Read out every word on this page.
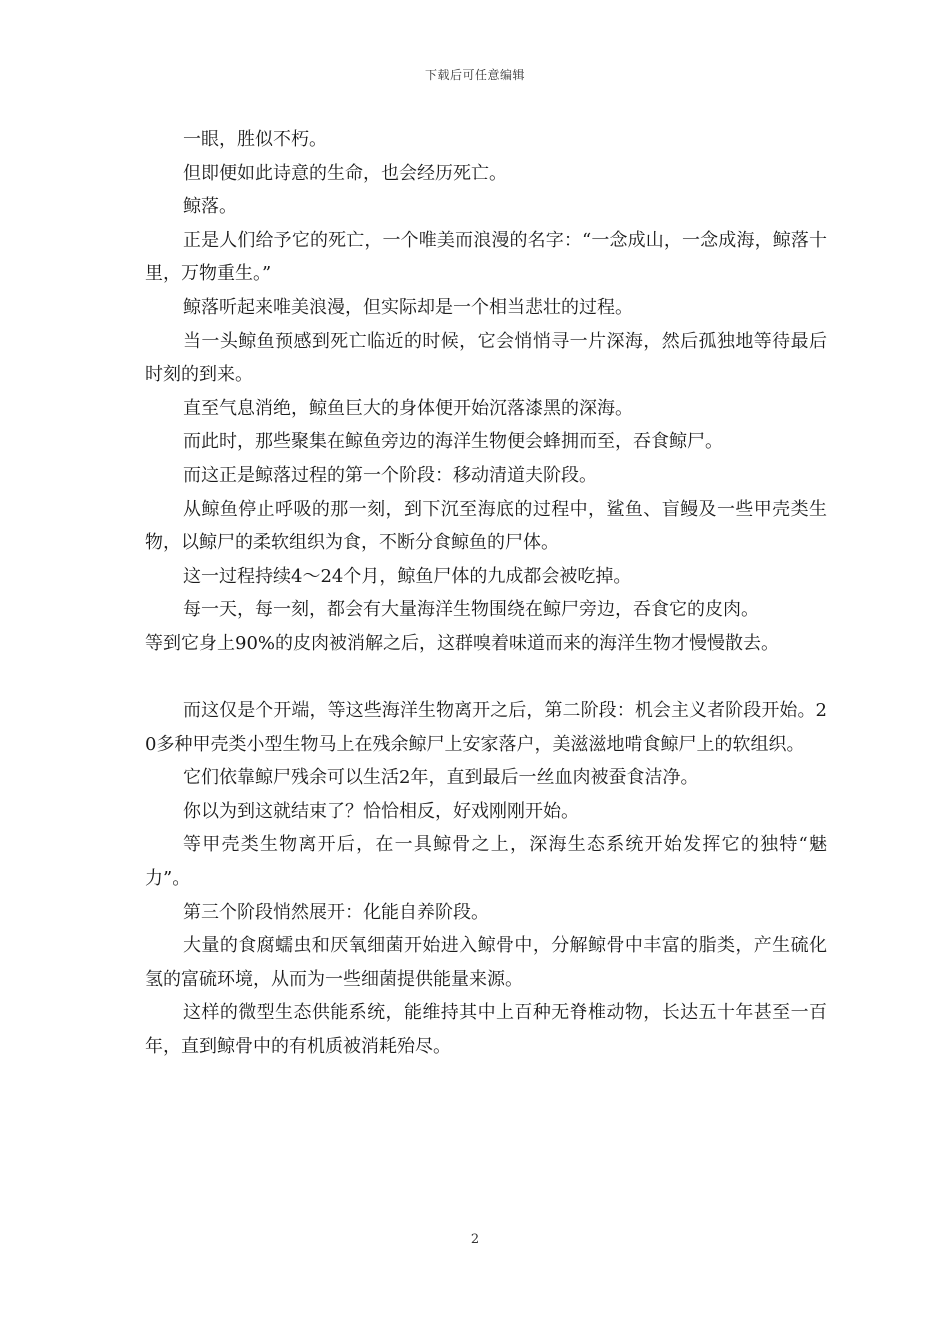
下载后可任意编辑

一眼，胜似不朽。

但即便如此诗意的生命，也会经历死亡。

鲸落。

正是人们给予它的死亡，一个唯美而浪漫的名字：“一念成山，一念成海，鲸落十里，万物重生。”

鲸落听起来唯美浪漫，但实际却是一个相当悲壮的过程。

当一头鲸鱼预感到死亡临近的时候，它会悄悄寻一片深海，然后孤独地等待最后时刻的到来。

直至气息消绝，鲸鱼巨大的身体便开始沉落漆黑的深海。

而此时，那些聚集在鲸鱼旁边的海洋生物便会蜂拥而至，吞食鲸尸。

而这正是鲸落过程的第一个阶段：移动清道夫阶段。

从鲸鱼停止呼吸的那一刻，到下沉至海底的过程中，鲨鱼、盲鳗及一些甲壳类生物，以鲸尸的柔软组织为食，不断分食鲸鱼的尸体。

这一过程持续4～24个月，鲸鱼尸体的九成都会被吃掉。

每一天，每一刻，都会有大量海洋生物围绕在鲸尸旁边，吞食它的皮肉。

等到它身上90%的皮肉被消解之后，这群嗅着味道而来的海洋生物才慢慢散去。

而这仅是个开端，等这些海洋生物离开之后，第二阶段：机会主义者阶段开始。20多种甲壳类小型生物马上在残余鲸尸上安家落户，美滋滋地啃食鲸尸上的软组织。

它们依靠鲸尸残余可以生活2年，直到最后一丝血肉被蚕食洁净。

你以为到这就结束了？恰恰相反，好戏刚刚开始。

等甲壳类生物离开后，在一具鲸骨之上，深海生态系统开始发挥它的独特“魅力”。

第三个阶段悄然展开：化能自养阶段。

大量的食腐蠕虫和厌氧细菌开始进入鲸骨中，分解鲸骨中丰富的脂类，产生硫化氢的富硫环境，从而为一些细菌提供能量来源。

这样的微型生态供能系统，能维持其中上百种无脊椎动物，长达五十年甚至一百年，直到鲸骨中的有机质被消耗殆尽。

2
